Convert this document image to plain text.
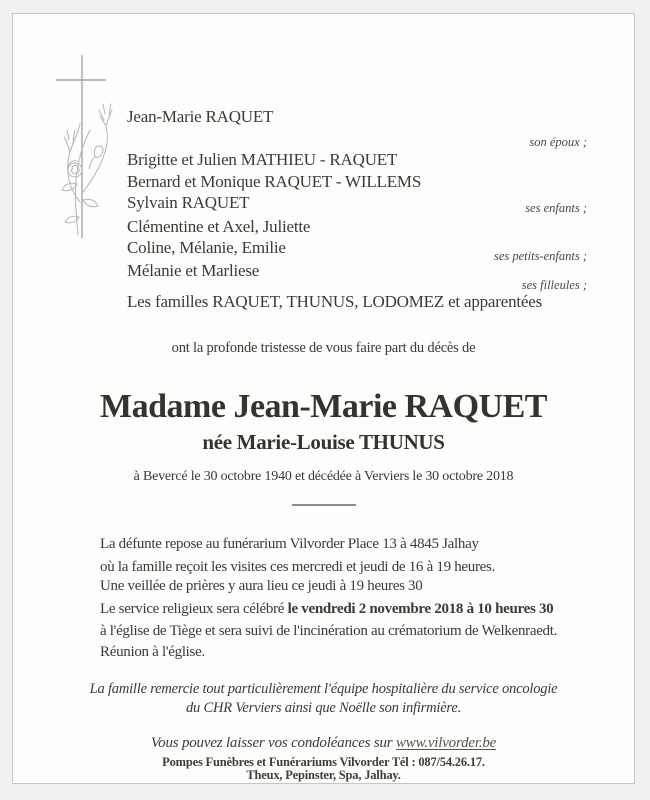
Jean-Marie RAQUET
son époux ;
Brigitte et Julien MATHIEU - RAQUET
Bernard et Monique RAQUET - WILLEMS
Sylvain RAQUET	ses enfants ;
Clémentine et Axel, Juliette
Coline, Mélanie, Emilie	ses petits-enfants ;
Mélanie et Marliese
ses filleules ;
Les familles RAQUET, THUNUS, LODOMEZ et apparentées
ont la profonde tristesse de vous faire part du décès de
Madame Jean-Marie RAQUET
née Marie-Louise THUNUS
à Bevercé le 30 octobre 1940 et décédée à Verviers le 30 octobre 2018
La défunte repose au funérarium Vilvorder Place 13 à 4845 Jalhay
où la famille reçoit les visites ces mercredi et jeudi de 16 à 19 heures.
Une veillée de prières y aura lieu ce jeudi à 19 heures 30
Le service religieux sera célébré le vendredi 2 novembre 2018 à 10 heures 30
à l'église de Tiège et sera suivi de l'incinération au crématorium de Welkenraedt.
Réunion à l'église.
La famille remercie tout particulièrement l'équipe hospitalière du service oncologie
du CHR Verviers ainsi que Noëlle son infirmière.
Vous pouvez laisser vos condoléances sur www.vilvorder.be
Pompes Funèbres et Funérariums Vilvorder Tél : 087/54.26.17.
Theux, Pepinster, Spa, Jalhay.
